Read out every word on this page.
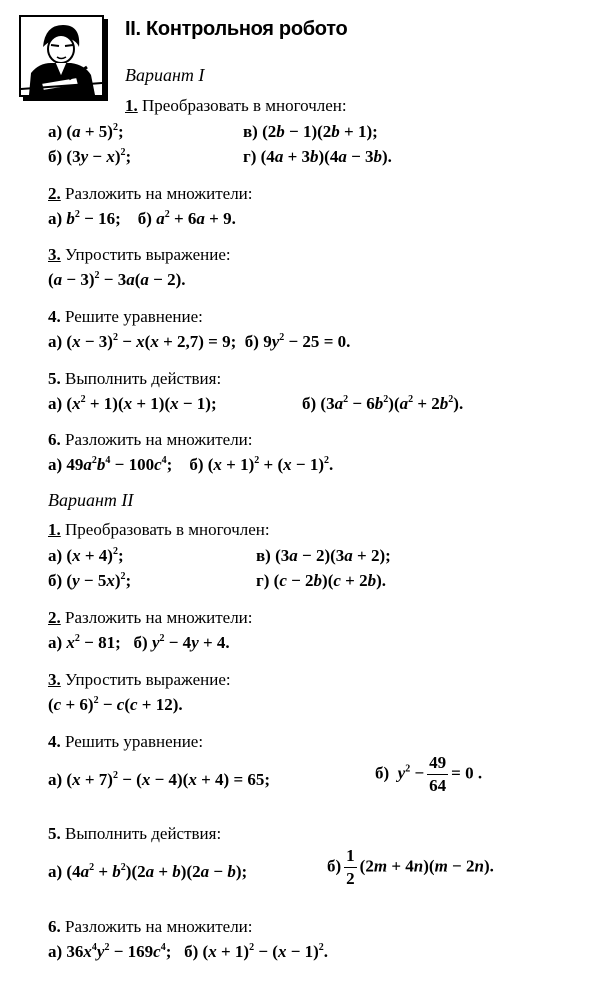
II. Контрольноя робото
Вариант I
1. Преобразовать в многочлен:
а) $(a + 5)^2$;	в) (2b − 1)(2b + 1);
б) $(3y - x)^2$;	г) (4a + 3b)(4a − 3b).
2. Разложить на множители:
а) $b^2 - 16$;    б) $a^2 + 6a + 9$.
3. Упростить выражение:
$(a - 3)^2 - 3a(a - 2)$.
4. Решите уравнение:
а) $(x - 3)^2 - x(x + 2,7) = 9$; б) $9y^2 - 25 = 0$.
5. Выполнить действия:
а) $(x^2 + 1)(x + 1)(x - 1)$;	б) $(3a^2 - 6b^2)(a^2 + 2b^2)$.
6. Разложить на множители:
а) $49a^2b^4 - 100c^4$;    б) $(x + 1)^2 + (x - 1)^2$.
Вариант II
1. Преобразовать в многочлен:
а) $(x + 4)^2$;	в) (3a − 2)(3a + 2);
б) $(y - 5x)^2$;	г) (c − 2b)(c + 2b).
2. Разложить на множители:
а) $x^2 - 81$;   б) $y^2 - 4y + 4$.
3. Упростить выражение:
$(c + 6)^2 - c(c + 12)$.
4. Решить уравнение:
а) $(x + 7)^2 - (x - 4)(x + 4) = 65$;	б) $y^2 - \frac{49}{64} = 0$ .
5. Выполнить действия:
а) $(4a^2 + b^2)(2a + b)(2a - b)$;	$б) \frac{1}{2} (2m + 4n)(m - 2n)$.
6. Разложить на множители:
а) $36x^4y^2 - 169c^4$;   б) $(x + 1)^2 - (x - 1)^2$.
